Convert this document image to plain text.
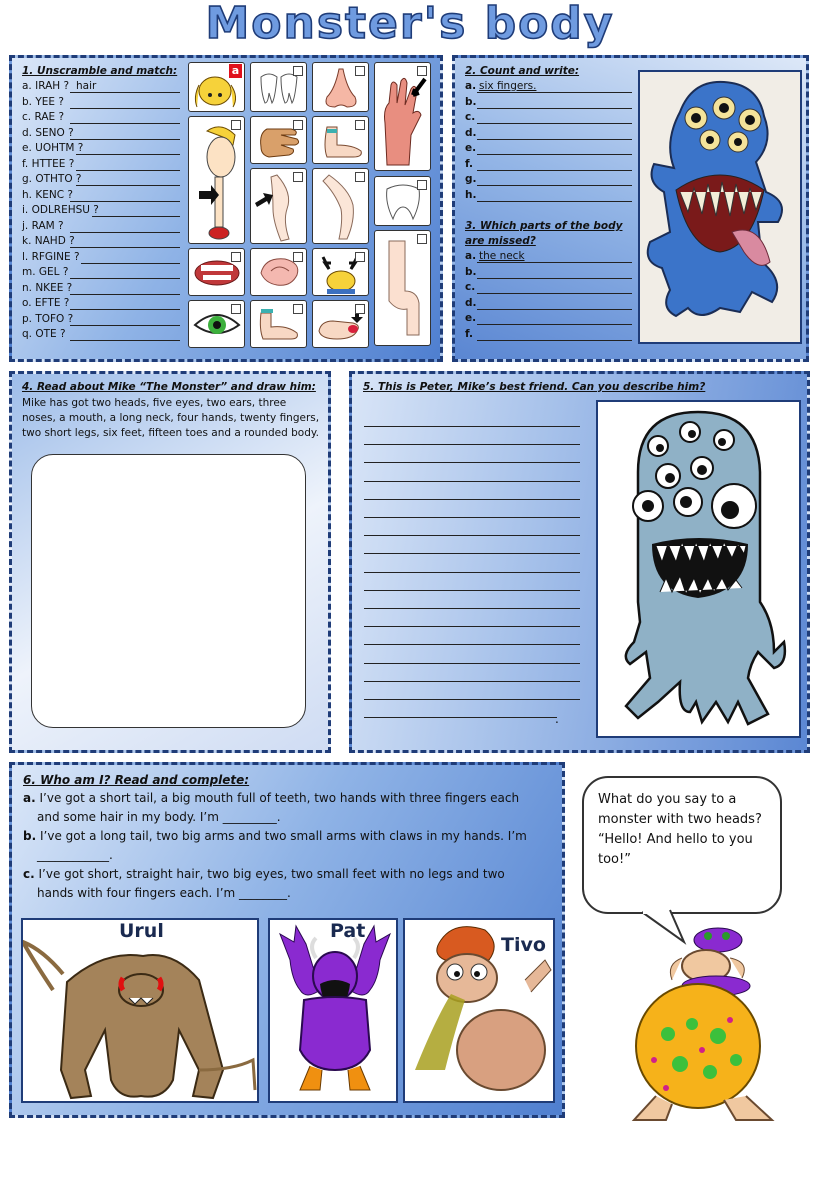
Monster's body
1. Unscramble and match:
a. IRAH ? hair
b. YEE ?
c. RAE ?
d. SENO ?
e. UOHTM ?
f. HTTEE ?
g. OTHTO ?
h. KENC ?
i. ODLREHSU ?
j. RAM ?
k. NAHD ?
l. RFGINE ?
m. GEL ?
n. NKEE ?
o. EFTE ?
p. TOFO ?
q. OTE ?
a	2. Count and write:
a. six fingers.
b.
c.
d.
e.
f.
g.
h.
3. Which parts of the body are missed?
a. the neck
b.
c.
d.
e.
f.
4. Read about Mike “The Monster” and draw him:
Mike has got two heads, five eyes, two ears, three noses, a mouth, a long neck, four hands, twenty fingers, two short legs, six feet, fifteen toes and a rounded body.
5. This is Peter, Mike’s best friend. Can you describe him?
.
6. Who am I? Read and complete:
a. I’ve got a short tail, a big mouth full of teeth, two hands with three fingers each and some hair in my body. I’m _________.
b. I’ve got a long tail, two big arms and two small arms with claws in my hands. I’m ____________.
c. I’ve got short, straight hair, two big eyes, two small feet with no legs and two hands with four fingers each. I’m ________.
Urul	Pat
Tivo
What do you say to a monster with two heads?
“Hello! And hello to you too!”
